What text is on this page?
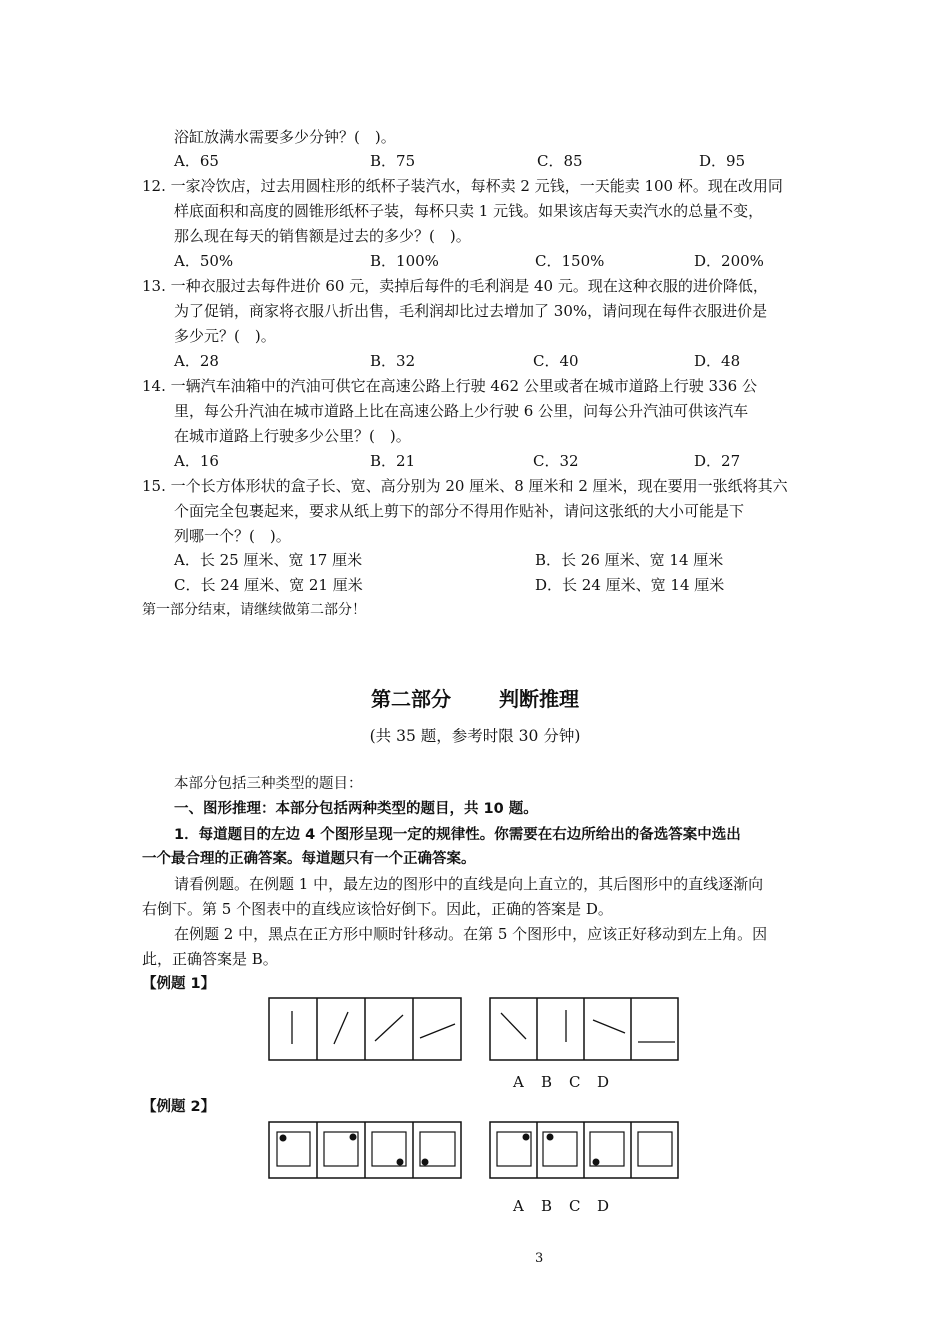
浴缸放满水需要多少分钟？(　)。
A．65	B．75	C．85	D．95
12. 一家冷饮店，过去用圆柱形的纸杯子装汽水，每杯卖 2 元钱，一天能卖 100 杯。现在改用同
样底面积和高度的圆锥形纸杯子装，每杯只卖 1 元钱。如果该店每天卖汽水的总量不变，
那么现在每天的销售额是过去的多少？(　)。
A．50%	B．100%	C．150%	D．200%
13. 一种衣服过去每件进价 60 元，卖掉后每件的毛利润是 40 元。现在这种衣服的进价降低，
为了促销，商家将衣服八折出售，毛利润却比过去增加了 30%，请问现在每件衣服进价是
多少元？(　)。
A．28	B．32	C．40	D．48
14. 一辆汽车油箱中的汽油可供它在高速公路上行驶 462 公里或者在城市道路上行驶 336 公
里，每公升汽油在城市道路上比在高速公路上少行驶 6 公里，问每公升汽油可供该汽车
在城市道路上行驶多少公里？(　)。
A．16	B．21	C．32	D．27
15. 一个长方体形状的盒子长、宽、高分别为 20 厘米、8 厘米和 2 厘米，现在要用一张纸将其六
个面完全包裹起来，要求从纸上剪下的部分不得用作贴补，请问这张纸的大小可能是下
列哪一个？(　)。
A．长 25 厘米、宽 17 厘米	B．长 26 厘米、宽 14 厘米
C．长 24 厘米、宽 21 厘米	D．长 24 厘米、宽 14 厘米
第一部分结束，请继续做第二部分！
第二部分 判断推理
(共 35 题，参考时限 30 分钟)
本部分包括三种类型的题目：
一、图形推理：本部分包括两种类型的题目，共 10 题。
1．每道题目的左边 4 个图形呈现一定的规律性。你需要在右边所给出的备选答案中选出
一个最合理的正确答案。每道题只有一个正确答案。
请看例题。在例题 1 中，最左边的图形中的直线是向上直立的，其后图形中的直线逐渐向
右倒下。第 5 个图表中的直线应该恰好倒下。因此，正确的答案是 D。
在例题 2 中，黑点在正方形中顺时针移动。在第 5 个图形中，应该正好移动到左上角。因
此，正确答案是 B。
【例题 1】
A B C D
【例题 2】
A B C D
3
